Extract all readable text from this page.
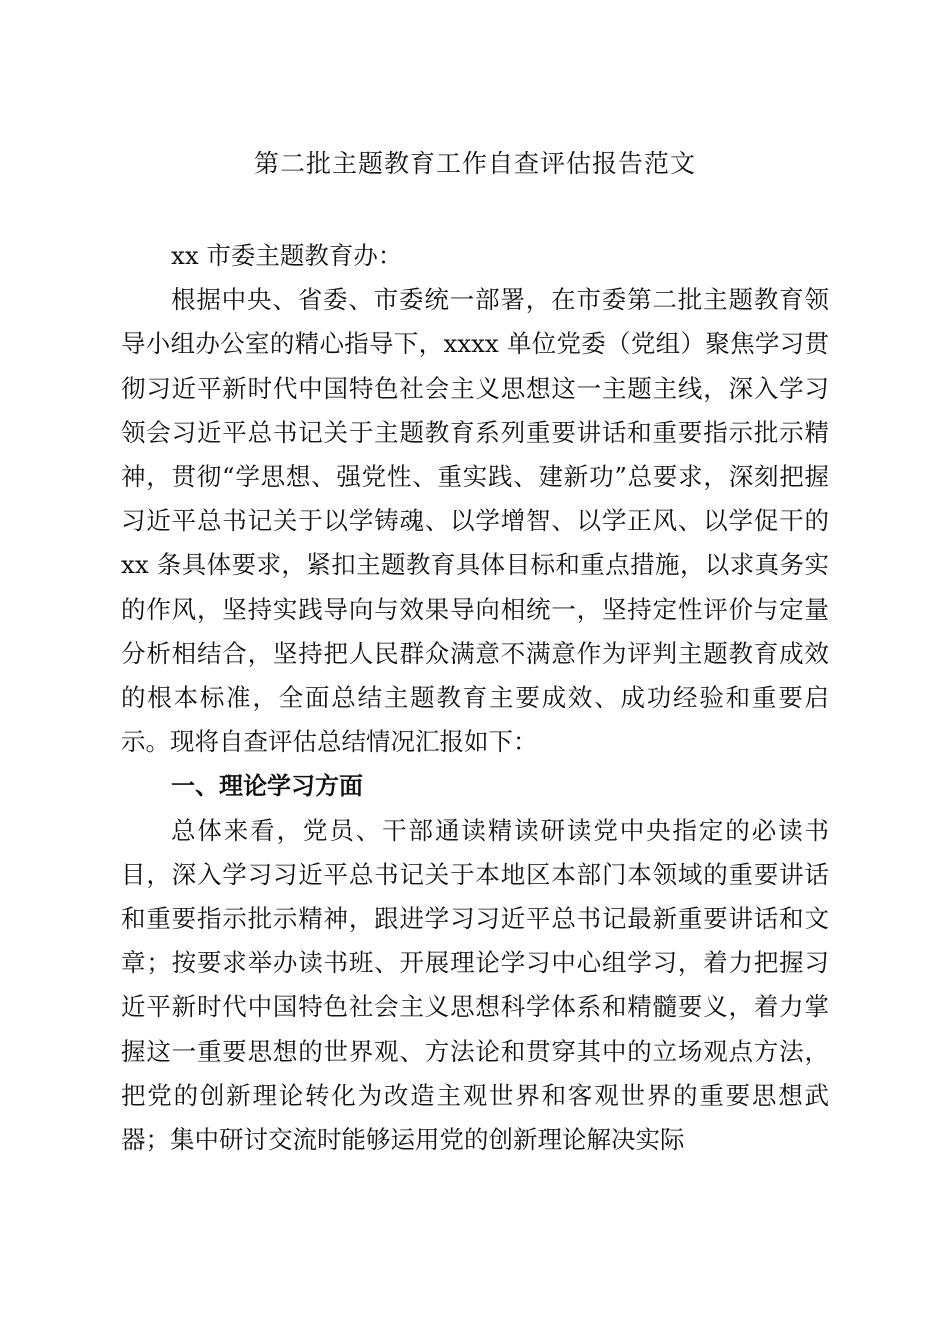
第二批主题教育工作自查评估报告范文

xx 市委主题教育办：

根据中央、省委、市委统一部署，在市委第二批主题教育领导小组办公室的精心指导下，xxxx 单位党委（党组）聚焦学习贯彻习近平新时代中国特色社会主义思想这一主题主线，深入学习领会习近平总书记关于主题教育系列重要讲话和重要指示批示精神，贯彻“学思想、强党性、重实践、建新功”总要求，深刻把握习近平总书记关于以学铸魂、以学增智、以学正风、以学促干的 xx 条具体要求，紧扣主题教育具体目标和重点措施，以求真务实的作风，坚持实践导向与效果导向相统一，坚持定性评价与定量分析相结合，坚持把人民群众满意不满意作为评判主题教育成效的根本标准，全面总结主题教育主要成效、成功经验和重要启示。现将自查评估总结情况汇报如下：

一、理论学习方面

总体来看，党员、干部通读精读研读党中央指定的必读书目，深入学习习近平总书记关于本地区本部门本领域的重要讲话和重要指示批示精神，跟进学习习近平总书记最新重要讲话和文章；按要求举办读书班、开展理论学习中心组学习，着力把握习近平新时代中国特色社会主义思想科学体系和精髓要义，着力掌握这一重要思想的世界观、方法论和贯穿其中的立场观点方法，把党的创新理论转化为改造主观世界和客观世界的重要思想武器；集中研讨交流时能够运用党的创新理论解决实际
